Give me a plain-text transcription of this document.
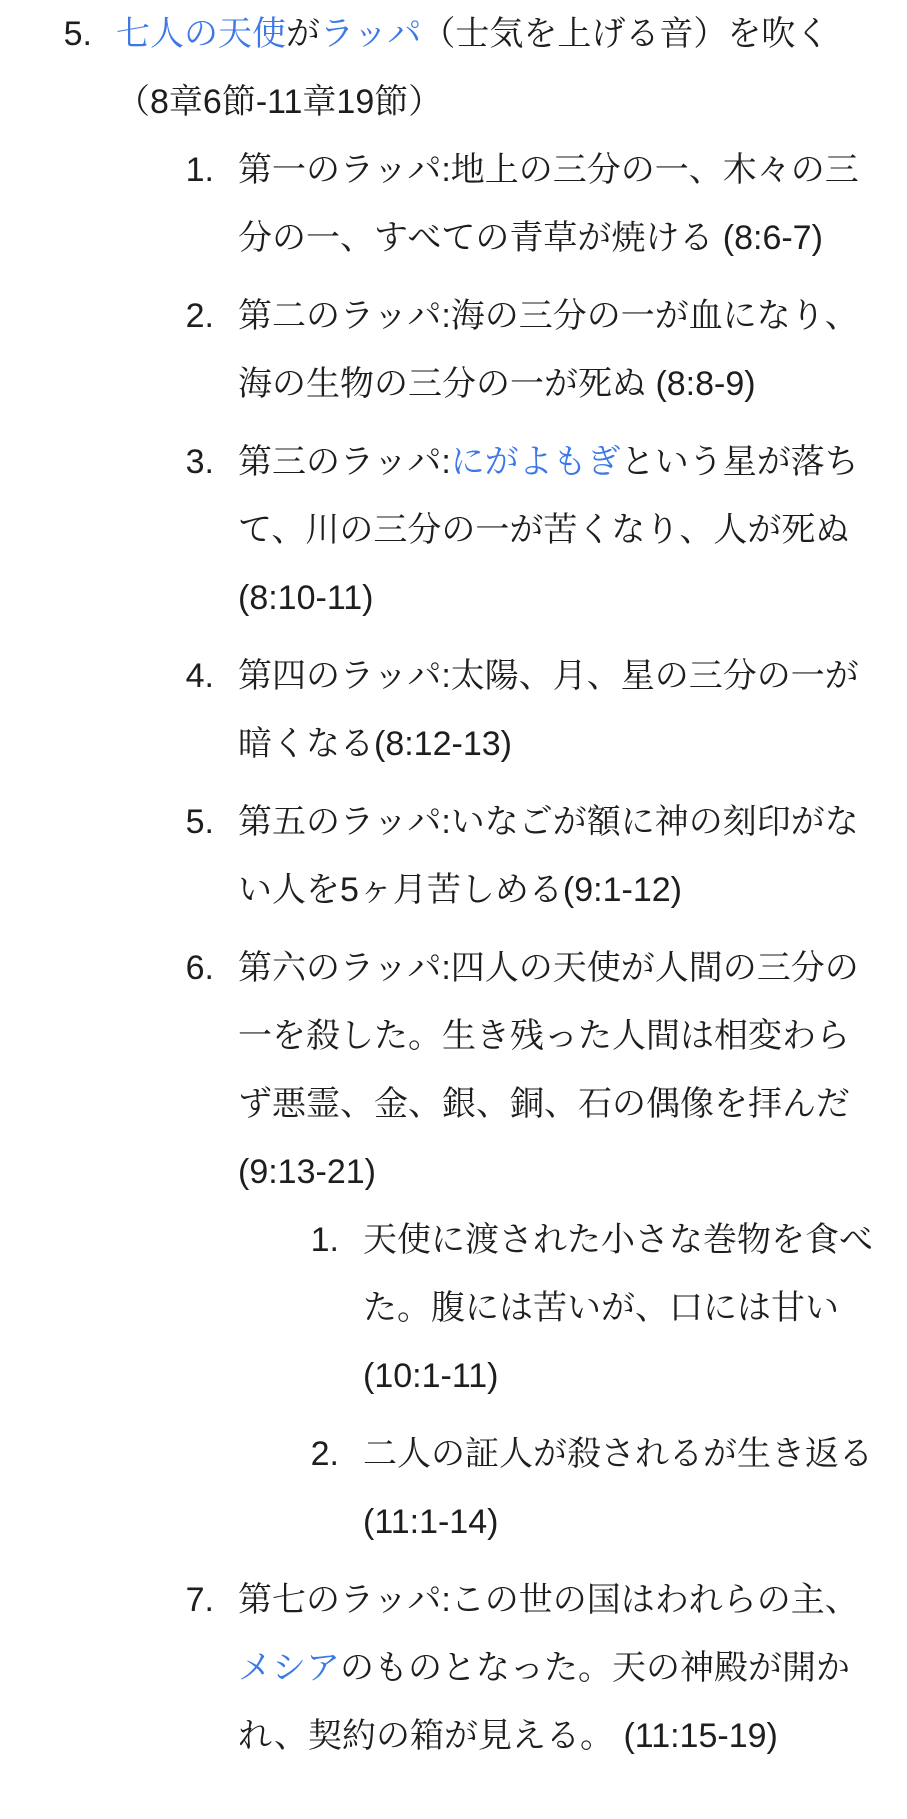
5. 七人の天使がラッパ（士気を上げる音）を吹く（8章6節-11章19節）
1. 第一のラッパ:地上の三分の一、木々の三分の一、すべての青草が焼ける (8:6-7)
2. 第二のラッパ:海の三分の一が血になり、海の生物の三分の一が死ぬ (8:8-9)
3. 第三のラッパ:にがよもぎという星が落ちて、川の三分の一が苦くなり、人が死ぬ (8:10-11)
4. 第四のラッパ:太陽、月、星の三分の一が暗くなる(8:12-13)
5. 第五のラッパ:いなごが額に神の刻印がない人を5ヶ月苦しめる(9:1-12)
6. 第六のラッパ:四人の天使が人間の三分の一を殺した。生き残った人間は相変わらず悪霊、金、銀、銅、石の偶像を拝んだ(9:13-21)
1. 天使に渡された小さな巻物を食べた。腹には苦いが、口には甘い(10:1-11)
2. 二人の証人が殺されるが生き返る(11:1-14)
7. 第七のラッパ:この世の国はわれらの主、メシアのものとなった。天の神殿が開かれ、契約の箱が見える。 (11:15-19)
